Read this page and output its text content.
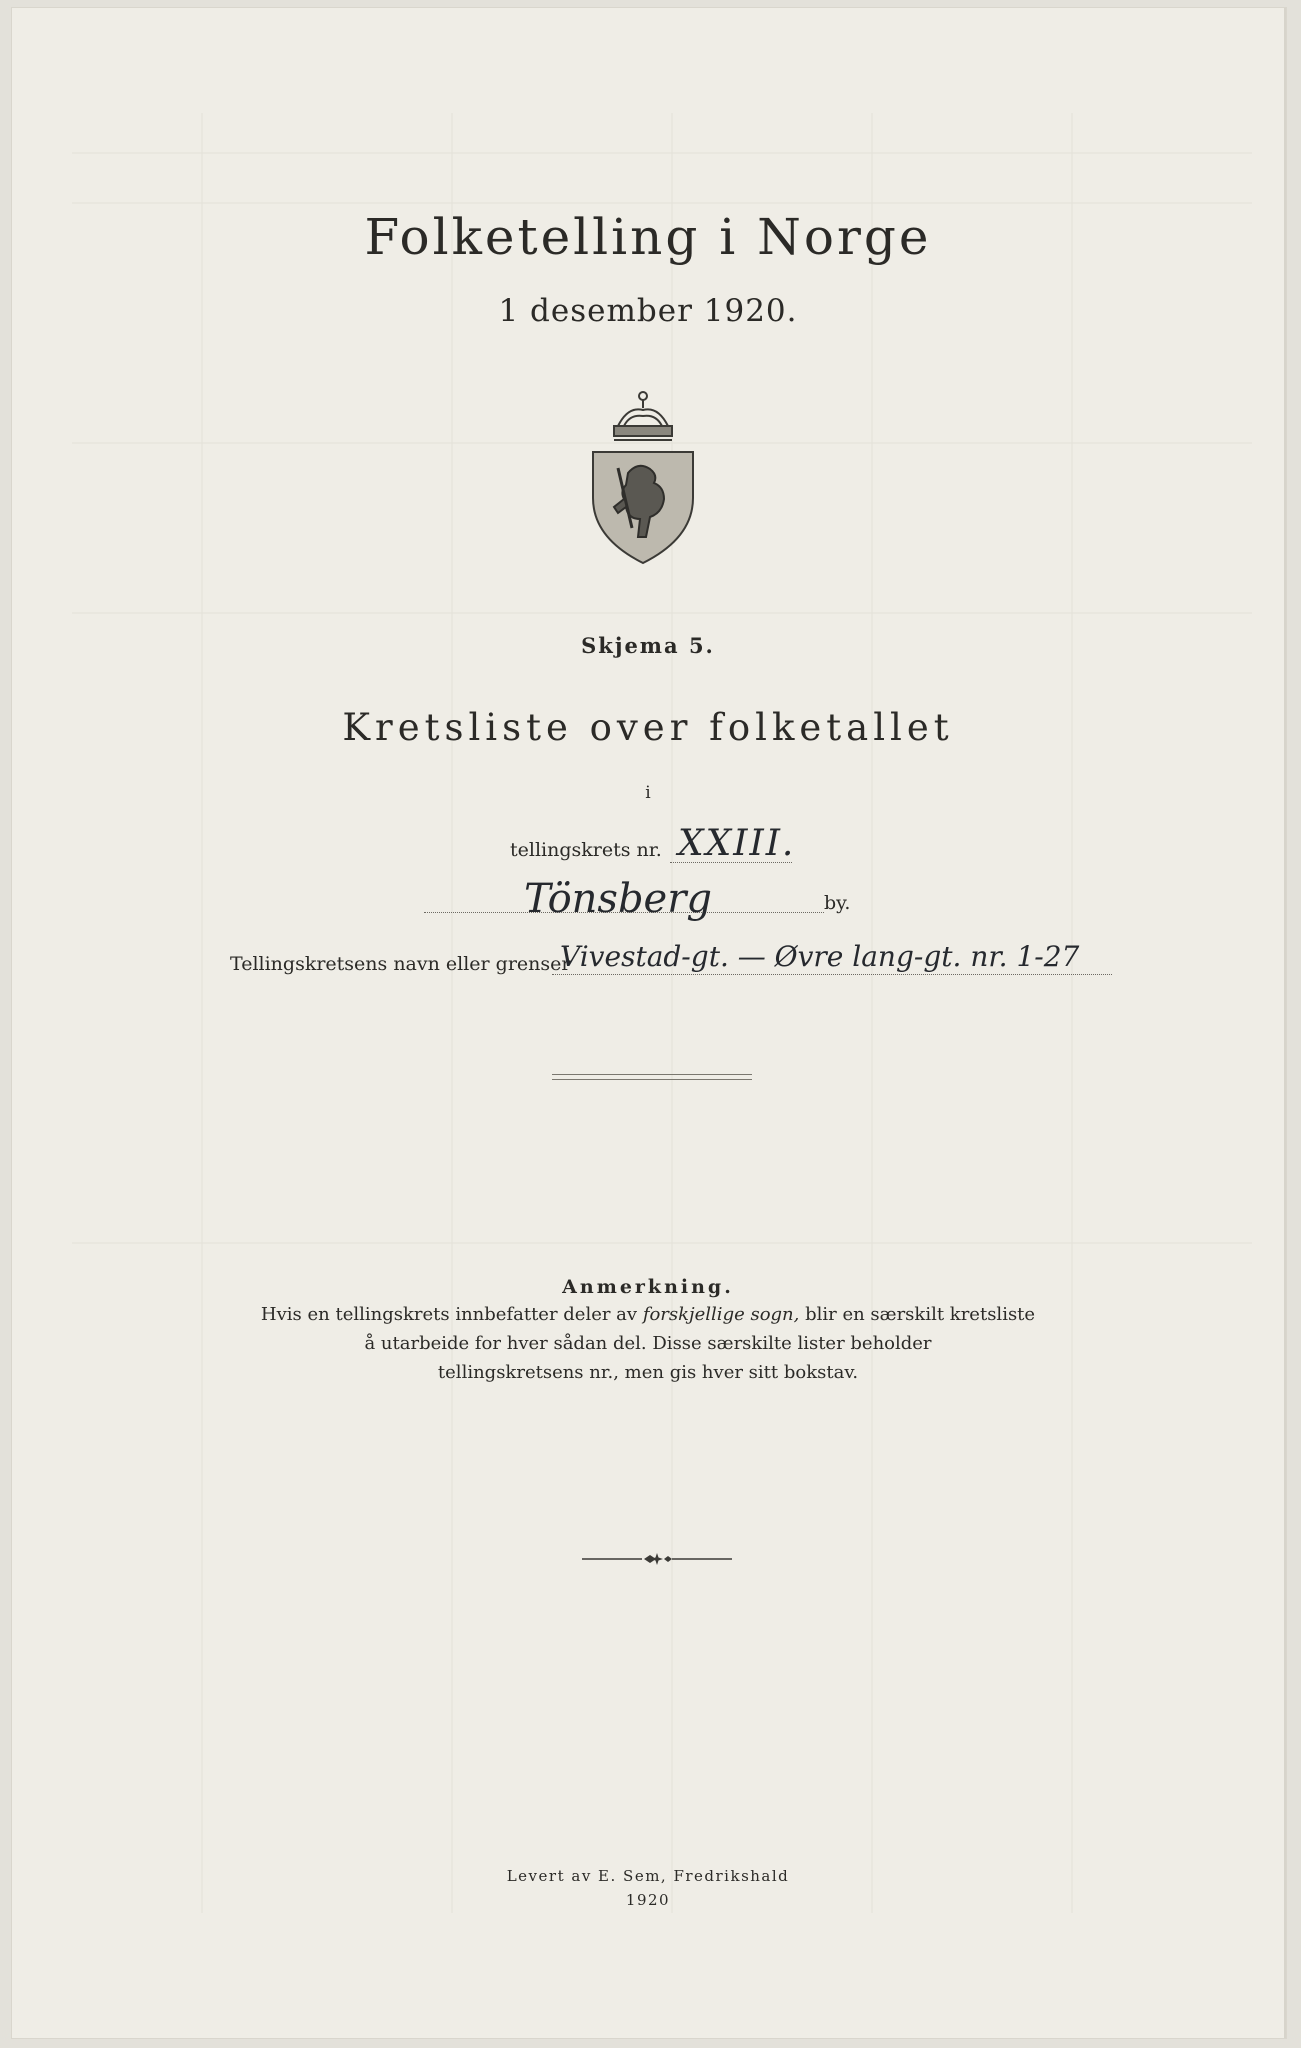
Folketelling i Norge
1 desember 1920.
Skjema 5.
Kretsliste over folketallet
i
tellingskrets nr. XXIII.
Tönsberg	by.
Tellingskretsens navn eller grenser
Vivestad-gt. — Øvre lang-gt. nr. 1-27
Anmerkning.
Hvis en tellingskrets innbefatter deler av forskjellige sogn, blir en særskilt kretsliste
å utarbeide for hver sådan del. Disse særskilte lister beholder
tellingskretsens nr., men gis hver sitt bokstav.
Levert av E. Sem, Fredrikshald
1920
